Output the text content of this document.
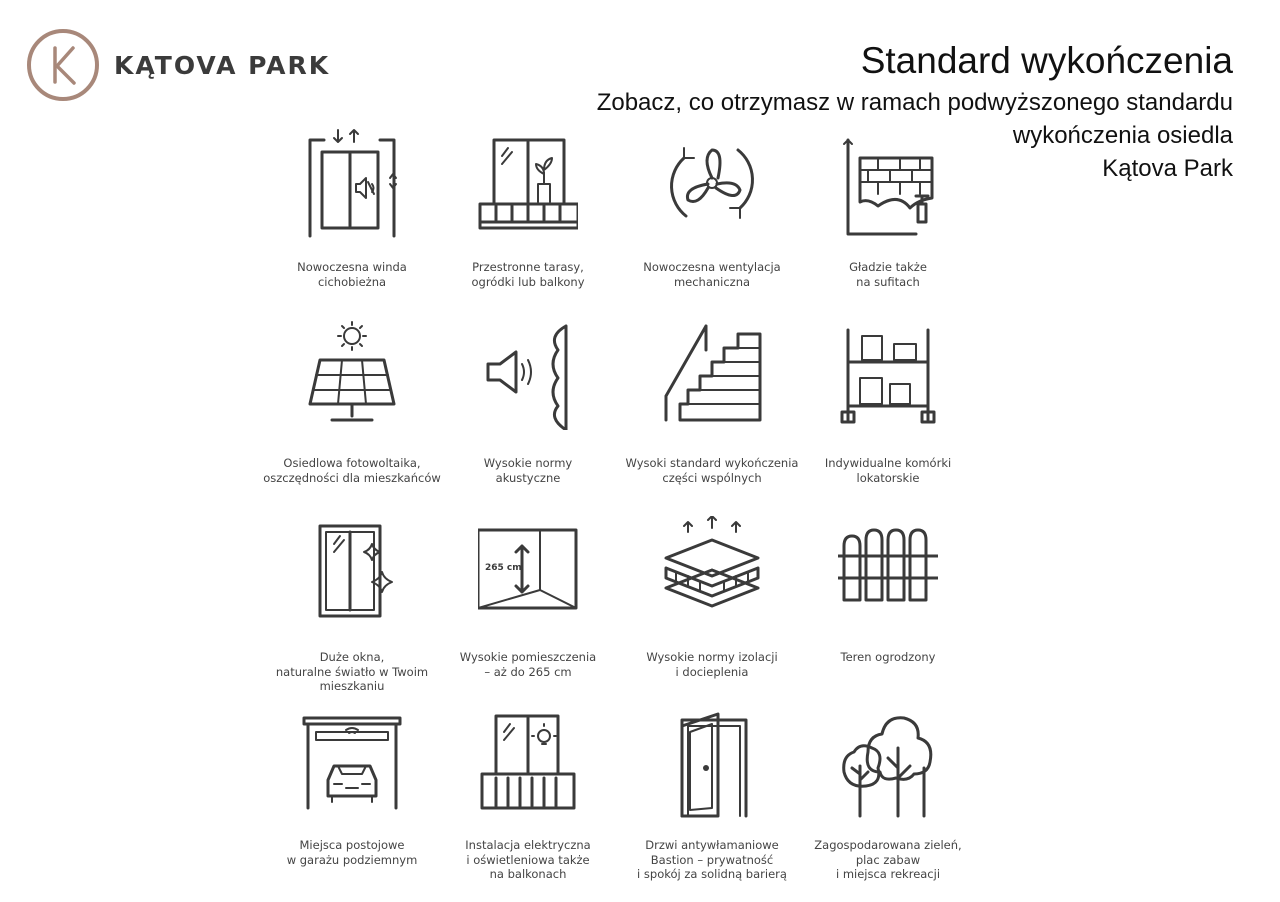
KĄTOVA PARK	Standard wykończenia
Zobacz, co otrzymasz w ramach podwyższonego standardu
wykończenia osiedla
Kątova Park
Nowoczesna winda
cichobieżna
Przestronne tarasy,
ogródki lub balkony
Nowoczesna wentylacja
mechaniczna
Gładzie także
na sufitach
Osiedlowa fotowoltaika,
oszczędności dla mieszkańców
Wysokie normy
akustyczne
Wysoki standard wykończenia
części wspólnych
Indywidualne komórki
lokatorskie
Duże okna,
naturalne światło w Twoim
mieszkaniu
265 cm
Wysokie pomieszczenia
– aż do 265 cm
Wysokie normy izolacji
i docieplenia
Teren ogrodzony
Miejsca postojowe
w garażu podziemnym
Instalacja elektryczna
i oświetleniowa także
na balkonach
Drzwi antywłamaniowe
Bastion – prywatność
i spokój za solidną barierą
Zagospodarowana zieleń,
plac zabaw
i miejsca rekreacji
